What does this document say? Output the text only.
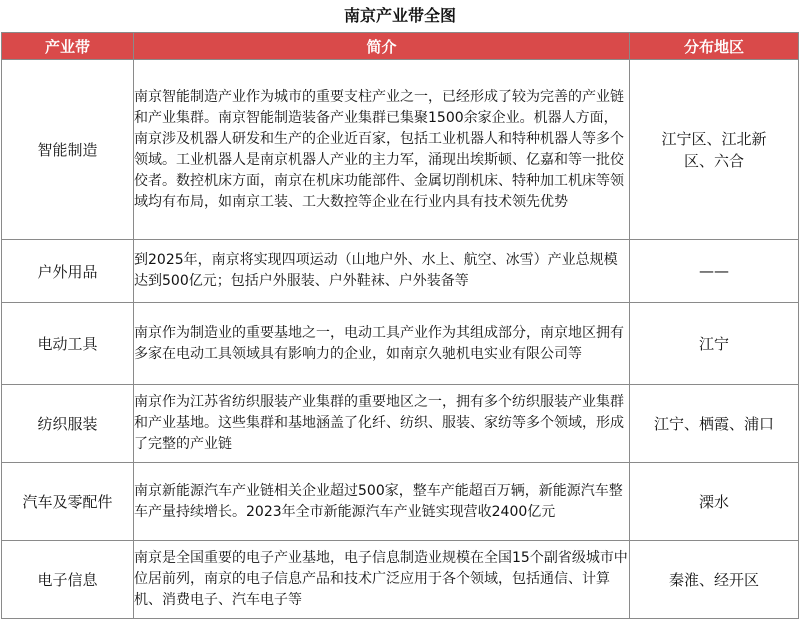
南京产业带全图
产业带	简介	分布地区
智能制造	南京智能制造产业作为城市的重要支柱产业之一，已经形成了较为完善的产业链和产业集群。南京智能制造装备产业集群已集聚1500余家企业。机器人方面，南京涉及机器人研发和生产的企业近百家，包括工业机器人和特种机器人等多个领域。工业机器人是南京机器人产业的主力军，涌现出埃斯顿、亿嘉和等一批佼佼者。数控机床方面，南京在机床功能部件、金属切削机床、特种加工机床等领域均有布局，如南京工装、工大数控等企业在行业内具有技术领先优势	江宁区、江北新区、六合
户外用品	到2025年，南京将实现四项运动（山地户外、水上、航空、冰雪）产业总规模达到500亿元；包括户外服装、户外鞋袜、户外装备等	——
电动工具	南京作为制造业的重要基地之一，电动工具产业作为其组成部分，南京地区拥有多家在电动工具领域具有影响力的企业，如南京久驰机电实业有限公司等	江宁
纺织服装	南京作为江苏省纺织服装产业集群的重要地区之一，拥有多个纺织服装产业集群和产业基地。这些集群和基地涵盖了化纤、纺织、服装、家纺等多个领域，形成了完整的产业链	江宁、栖霞、浦口
汽车及零配件	南京新能源汽车产业链相关企业超过500家，整车产能超百万辆，新能源汽车整车产量持续增长。2023年全市新能源汽车产业链实现营收2400亿元	溧水
电子信息	南京是全国重要的电子产业基地，电子信息制造业规模在全国15个副省级城市中位居前列，南京的电子信息产品和技术广泛应用于各个领域，包括通信、计算机、消费电子、汽车电子等	秦淮、经开区
